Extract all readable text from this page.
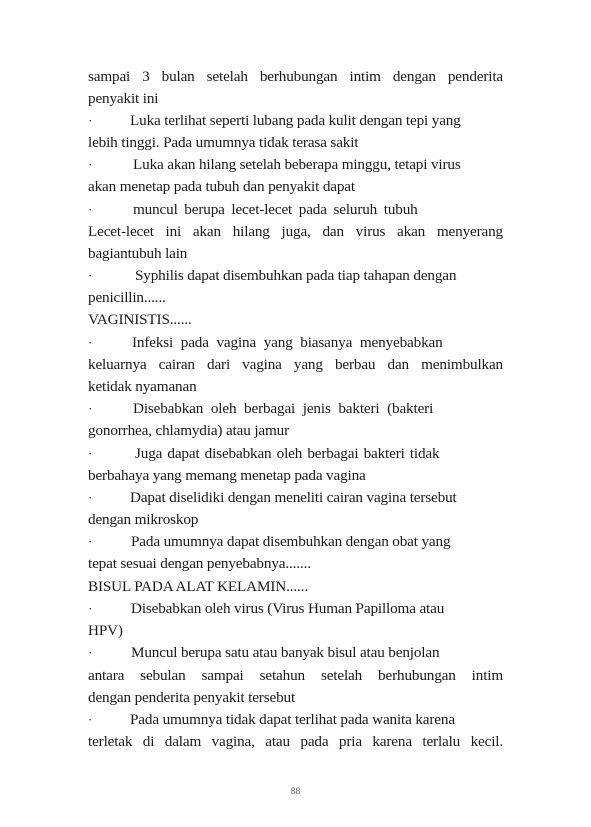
sampai 3 bulan setelah berhubungan intim dengan penderita
penyakit ini
· Luka terlihat seperti lubang pada kulit dengan tepi yang
lebih tinggi. Pada umumnya tidak terasa sakit
·	Luka akan hilang setelah beberapa minggu, tetapi virus
akan menetap pada tubuh dan penyakit dapat
·	muncul berupa lecet-lecet pada seluruh tubuh
Lecet-lecet ini akan hilang juga, dan virus akan menyerang
bagiantubuh lain
·	Syphilis dapat disembuhkan pada tiap tahapan dengan
penicillin......
VAGINISTIS......
·	Infeksi pada vagina yang biasanya menyebabkan
keluarnya cairan dari vagina yang berbau dan menimbulkan
ketidak nyamanan
·	Disebabkan oleh berbagai jenis bakteri (bakteri
gonorrhea, chlamydia) atau jamur
·	Juga dapat disebabkan oleh berbagai bakteri tidak
berbahaya yang memang menetap pada vagina
· Dapat diselidiki dengan meneliti cairan vagina tersebut
dengan mikroskop
·	Pada umumnya dapat disembuhkan dengan obat yang
tepat sesuai dengan penyebabnya.......
BISUL PADA ALAT KELAMIN......
·	Disebabkan oleh virus (Virus Human Papilloma atau
HPV)
·	Muncul berupa satu atau banyak bisul atau benjolan
antara sebulan sampai setahun setelah berhubungan intim
dengan penderita penyakit tersebut
· Pada umumnya tidak dapat terlihat pada wanita karena
terletak di dalam vagina, atau pada pria karena terlalu kecil.
88
